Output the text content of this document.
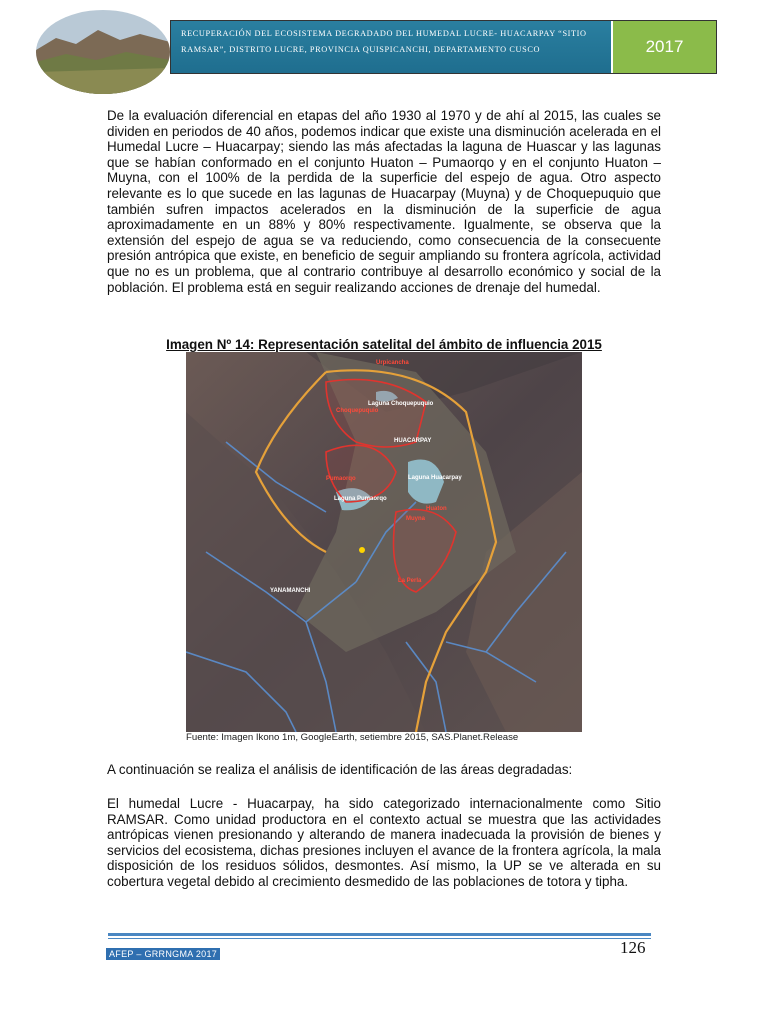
RECUPERACIÓN DEL ECOSISTEMA DEGRADADO DEL HUMEDAL LUCRE- HUACARPAY “SITIO RAMSAR”, DISTRITO LUCRE, PROVINCIA QUISPICANCHI, DEPARTAMENTO CUSCO	2017

De la evaluación diferencial en etapas del año 1930 al 1970 y de ahí al 2015, las cuales se dividen en periodos de 40 años, podemos indicar que existe una disminución acelerada en el Humedal Lucre – Huacarpay; siendo las más afectadas la laguna de Huascar y las lagunas que se habían conformado en el conjunto Huaton – Pumaorqo y en el conjunto Huaton – Muyna, con el 100% de la perdida de la superficie del espejo de agua. Otro aspecto relevante es lo que sucede en las lagunas de Huacarpay (Muyna) y de Choquepuquio que también sufren impactos acelerados en la disminución de la superficie de agua aproximadamente en un 88% y 80% respectivamente. Igualmente, se observa que la extensión del espejo de agua se va reduciendo, como consecuencia de la consecuente presión antrópica que existe, en beneficio de seguir ampliando su frontera agrícola, actividad que no es un problema, que al contrario contribuye al desarrollo económico y social de la población. El problema está en seguir realizando acciones de drenaje del humedal.

Imagen Nº 14: Representación satelital del ámbito de influencia 2015

Urpicancha
Choquepuquio
Laguna Choquepuquio
HUACARPAY
Laguna Huacarpay
Pumaorqo
Laguna Pumaorqo
Huaton
Muyna
La Perla
YANAMANCHI

Fuente: Imagen Ikono 1m, GoogleEarth, setiembre 2015, SAS.Planet.Release

A continuación se realiza el análisis de identificación de las áreas degradadas:

El humedal Lucre - Huacarpay, ha sido categorizado internacionalmente como Sitio RAMSAR. Como unidad productora en el contexto actual se muestra que las actividades antrópicas vienen presionando y alterando de manera inadecuada la provisión de bienes y servicios del ecosistema, dichas presiones incluyen el avance de la frontera agrícola, la mala disposición de los residuos sólidos, desmontes. Así mismo, la UP se ve alterada en su cobertura vegetal debido al crecimiento desmedido de las poblaciones de totora y tipha.

AFEP – GRRNGMA 2017	126
